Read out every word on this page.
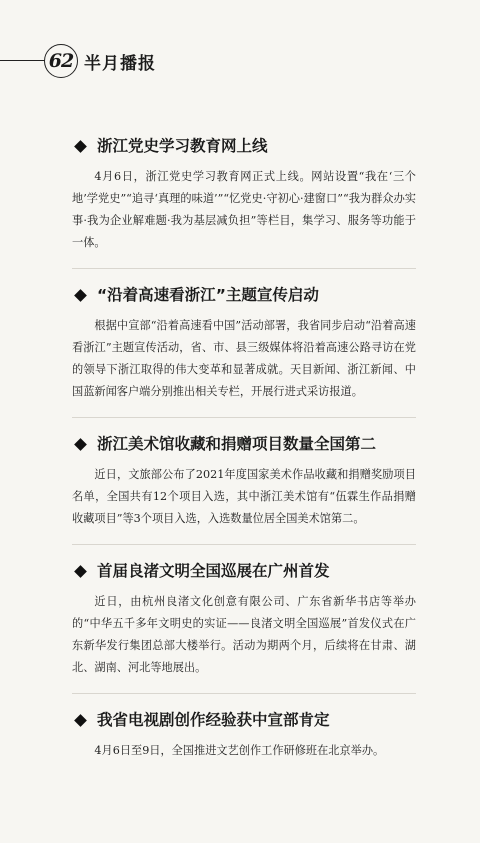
62 半月播报
浙江党史学习教育网上线

4月6日，浙江党史学习教育网正式上线。网站设置“我在‘三个地’学党史”“追寻‘真理的味道’”“忆党史·守初心·建窗口”“我为群众办实事·我为企业解难题·我为基层减负担”等栏目，集学习、服务等功能于一体。

“沿着高速看浙江”主题宣传启动

根据中宣部“沿着高速看中国”活动部署，我省同步启动“沿着高速看浙江”主题宣传活动，省、市、县三级媒体将沿着高速公路寻访在党的领导下浙江取得的伟大变革和显著成就。天目新闻、浙江新闻、中国蓝新闻客户端分别推出相关专栏，开展行进式采访报道。

浙江美术馆收藏和捐赠项目数量全国第二

近日，文旅部公布了2021年度国家美术作品收藏和捐赠奖励项目名单，全国共有12个项目入选，其中浙江美术馆有“伍霖生作品捐赠收藏项目”等3个项目入选，入选数量位居全国美术馆第二。

首届良渚文明全国巡展在广州首发

近日，由杭州良渚文化创意有限公司、广东省新华书店等举办的“中华五千多年文明史的实证——良渚文明全国巡展”首发仪式在广东新华发行集团总部大楼举行。活动为期两个月，后续将在甘肃、湖北、湖南、河北等地展出。

我省电视剧创作经验获中宣部肯定

4月6日至9日，全国推进文艺创作工作研修班在北京举办。
